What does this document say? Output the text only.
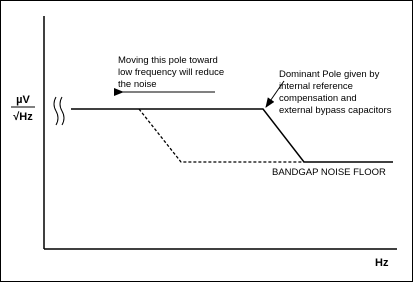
µV
√Hz
Hz
Moving this pole toward low frequency will reduce the noise
Dominant Pole given by internal reference compensation and external bypass capacitors
BANDGAP NOISE FLOOR
